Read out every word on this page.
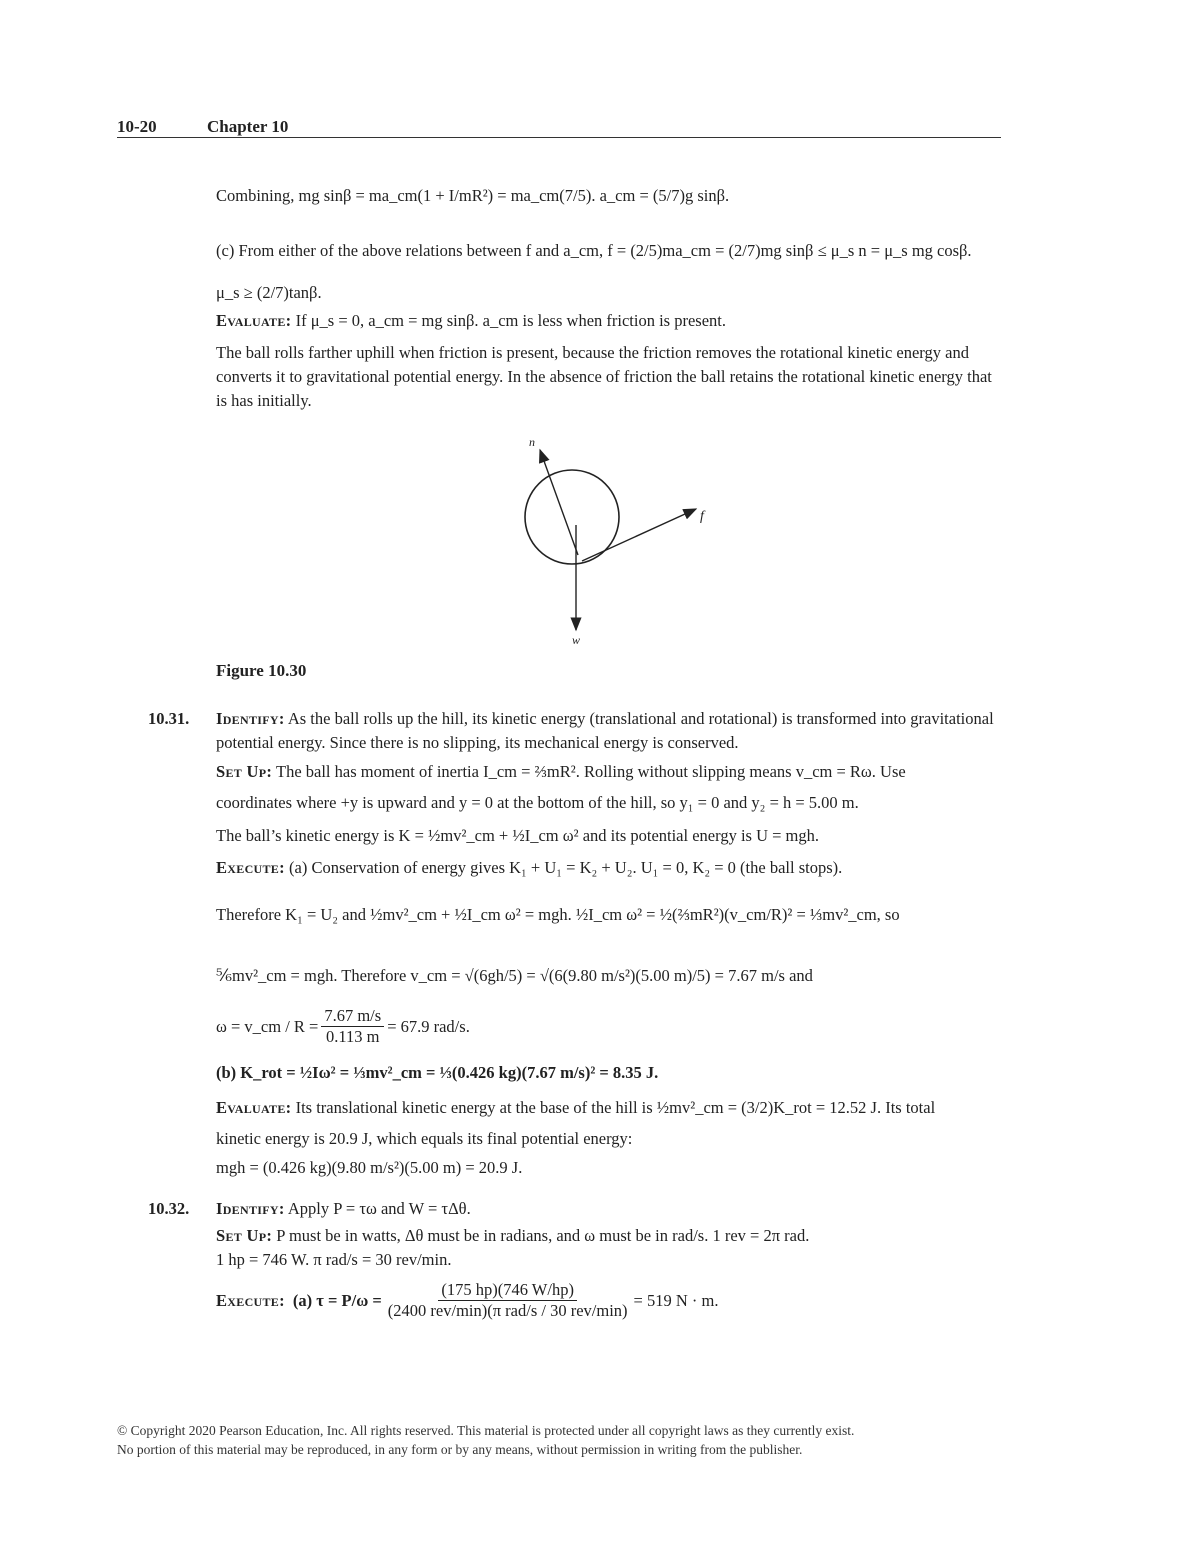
10-20	Chapter 10
Combining, mg sinβ = ma_cm(1 + I/mR²) = ma_cm(7/5). a_cm = (5/7)g sinβ.
(c) From either of the above relations between f and a_cm, f = (2/5)ma_cm = (2/7)mg sinβ ≤ μ_s n = μ_s mg cosβ.
μ_s ≥ (2/7)tanβ.
Evaluate: If μ_s = 0, a_cm = mg sinβ. a_cm is less when friction is present.
The ball rolls farther uphill when friction is present, because the friction removes the rotational kinetic energy and converts it to gravitational potential energy. In the absence of friction the ball retains the rotational kinetic energy that is has initially.
n
f
w
Figure 10.30
10.31. Identify: As the ball rolls up the hill, its kinetic energy (translational and rotational) is transformed into gravitational potential energy. Since there is no slipping, its mechanical energy is conserved.
Set Up: The ball has moment of inertia I_cm = ⅔mR². Rolling without slipping means v_cm = Rω. Use
coordinates where +y is upward and y = 0 at the bottom of the hill, so y₁ = 0 and y₂ = h = 5.00 m.
The ball’s kinetic energy is K = ½mv²_cm + ½I_cm ω² and its potential energy is U = mgh.
Execute: (a) Conservation of energy gives K₁ + U₁ = K₂ + U₂. U₁ = 0, K₂ = 0 (the ball stops).
Therefore K₁ = U₂ and ½mv²_cm + ½I_cm ω² = mgh. ½I_cm ω² = ½(⅔mR²)(v_cm/R)² = ⅓mv²_cm, so
⅚mv²_cm = mgh. Therefore v_cm = √(6gh/5) = √(6(9.80 m/s²)(5.00 m)/5) = 7.67 m/s and
ω = v_cm / $R = \frac{7.67 m/s}{0.113 m} = 67.9$ rad/s.
(b) K_rot = ½Iω² = ⅓mv²_cm = ⅓(0.426 kg)(7.67 m/s)² = 8.35 J.
Evaluate: Its translational kinetic energy at the base of the hill is ½mv²_cm = (3/2)K_rot = 12.52 J. Its total
kinetic energy is 20.9 J, which equals its final potential energy:
mgh = (0.426 kg)(9.80 m/s²)(5.00 m) = 20.9 J.
10.32. Identify: Apply P = τω and W = τΔθ.
Set Up: P must be in watts, Δθ must be in radians, and ω must be in rad/s. 1 rev = 2π rad.
1 hp = 746 W. π rad/s = 30 rev/min.
Execute: (a) $\tau = P/\omega = \frac{(175 hp)(746 W/hp)}{\text{(2400 rev/min)(π rad/s / 30 rev/min)}} = 519$ N · m.
© Copyright 2020 Pearson Education, Inc. All rights reserved. This material is protected under all copyright laws as they currently exist.
No portion of this material may be reproduced, in any form or by any means, without permission in writing from the publisher.
